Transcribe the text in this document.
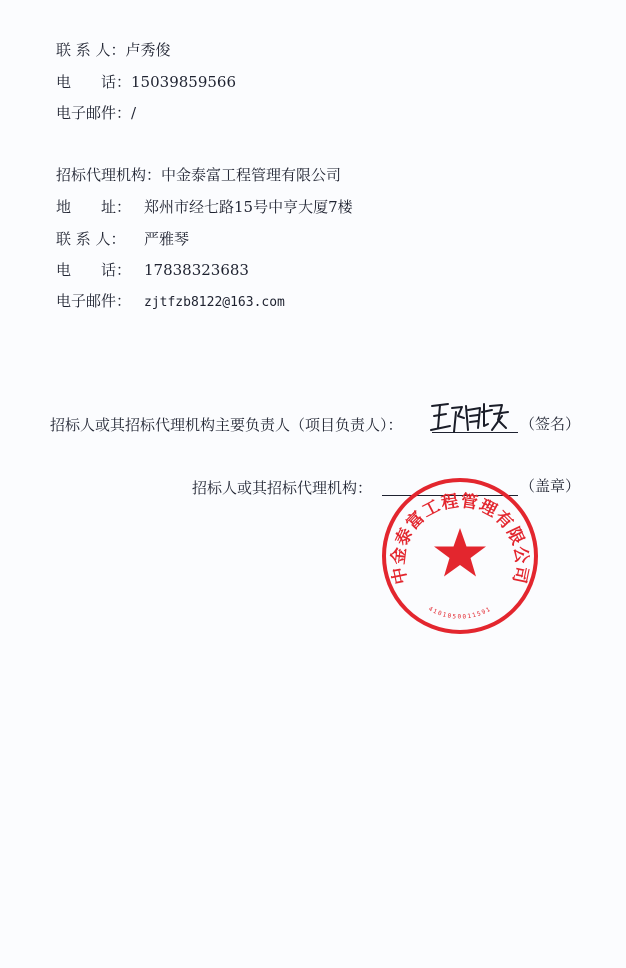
联 系 人： 卢秀俊
电　　话： 15039859566
电子邮件： /
招标代理机构： 中金泰富工程管理有限公司
地　　址： 郑州市经七路15号中亨大厦7楼
联 系 人：	严雅琴
电　　话： 17838323683
电子邮件： zjtfzb8122@163.com
招标人或其招标代理机构主要负责人（项目负责人）：	（签名）
招标人或其招标代理机构：	（盖章）
中金泰富工程管理有限公司
4101050011591
